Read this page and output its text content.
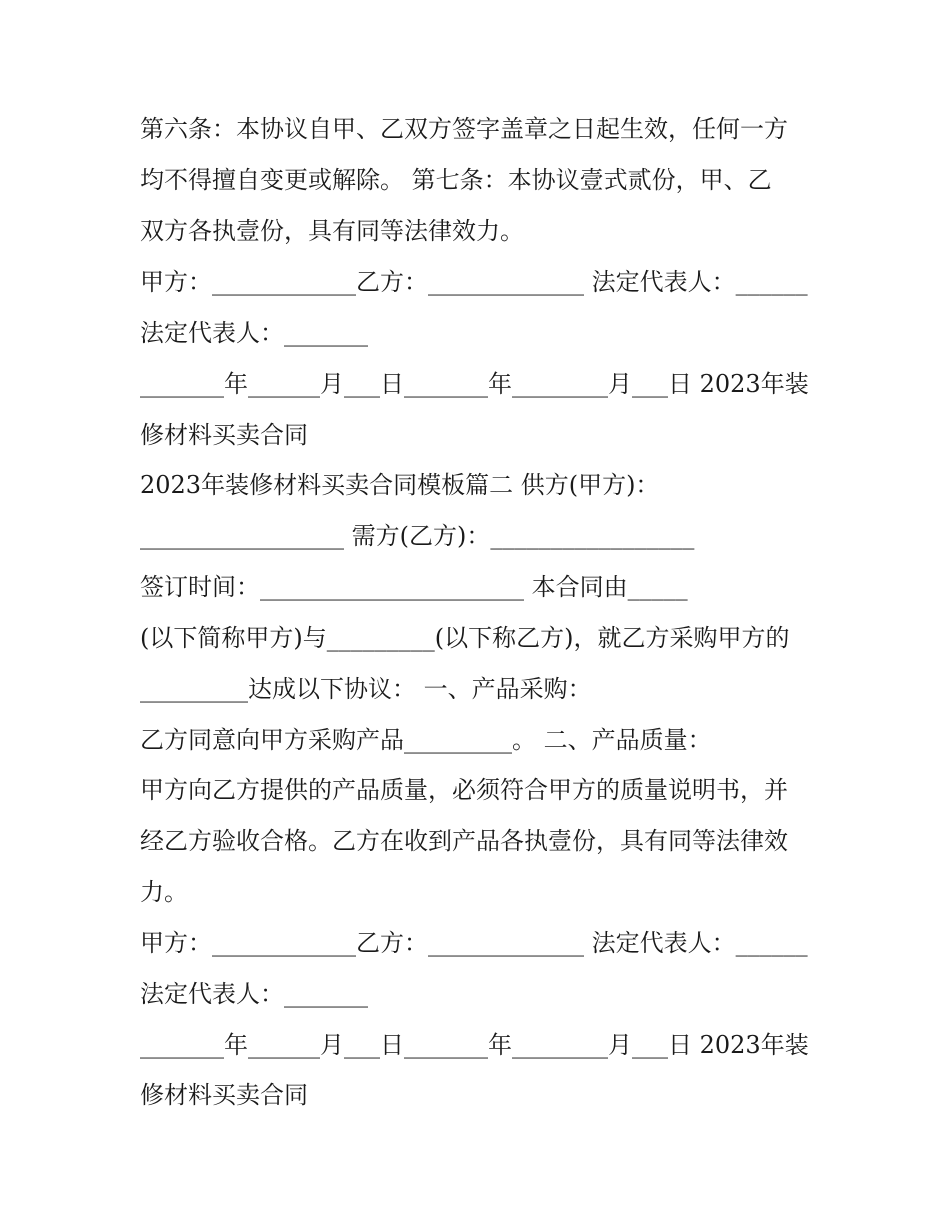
第六条：本协议自甲、乙双方签字盖章之日起生效，任何一方
均不得擅自变更或解除。 第七条：本协议壹式贰份，甲、乙
双方各执壹份，具有同等法律效力。
甲方：____________乙方：_____________ 法定代表人：______
法定代表人：_______
_______年______月___日_______年________月___日 2023年装
修材料买卖合同
2023年装修材料买卖合同模板篇二 供方(甲方)：
_________________ 需方(乙方)：_________________
签订时间：______________________ 本合同由_____
(以下简称甲方)与_________(以下称乙方)，就乙方采购甲方的
_________达成以下协议： 一、产品采购：
乙方同意向甲方采购产品_________。 二、产品质量：
甲方向乙方提供的产品质量，必须符合甲方的质量说明书，并
经乙方验收合格。乙方在收到产品各执壹份，具有同等法律效
力。
甲方：____________乙方：_____________ 法定代表人：______
法定代表人：_______
_______年______月___日_______年________月___日 2023年装
修材料买卖合同
